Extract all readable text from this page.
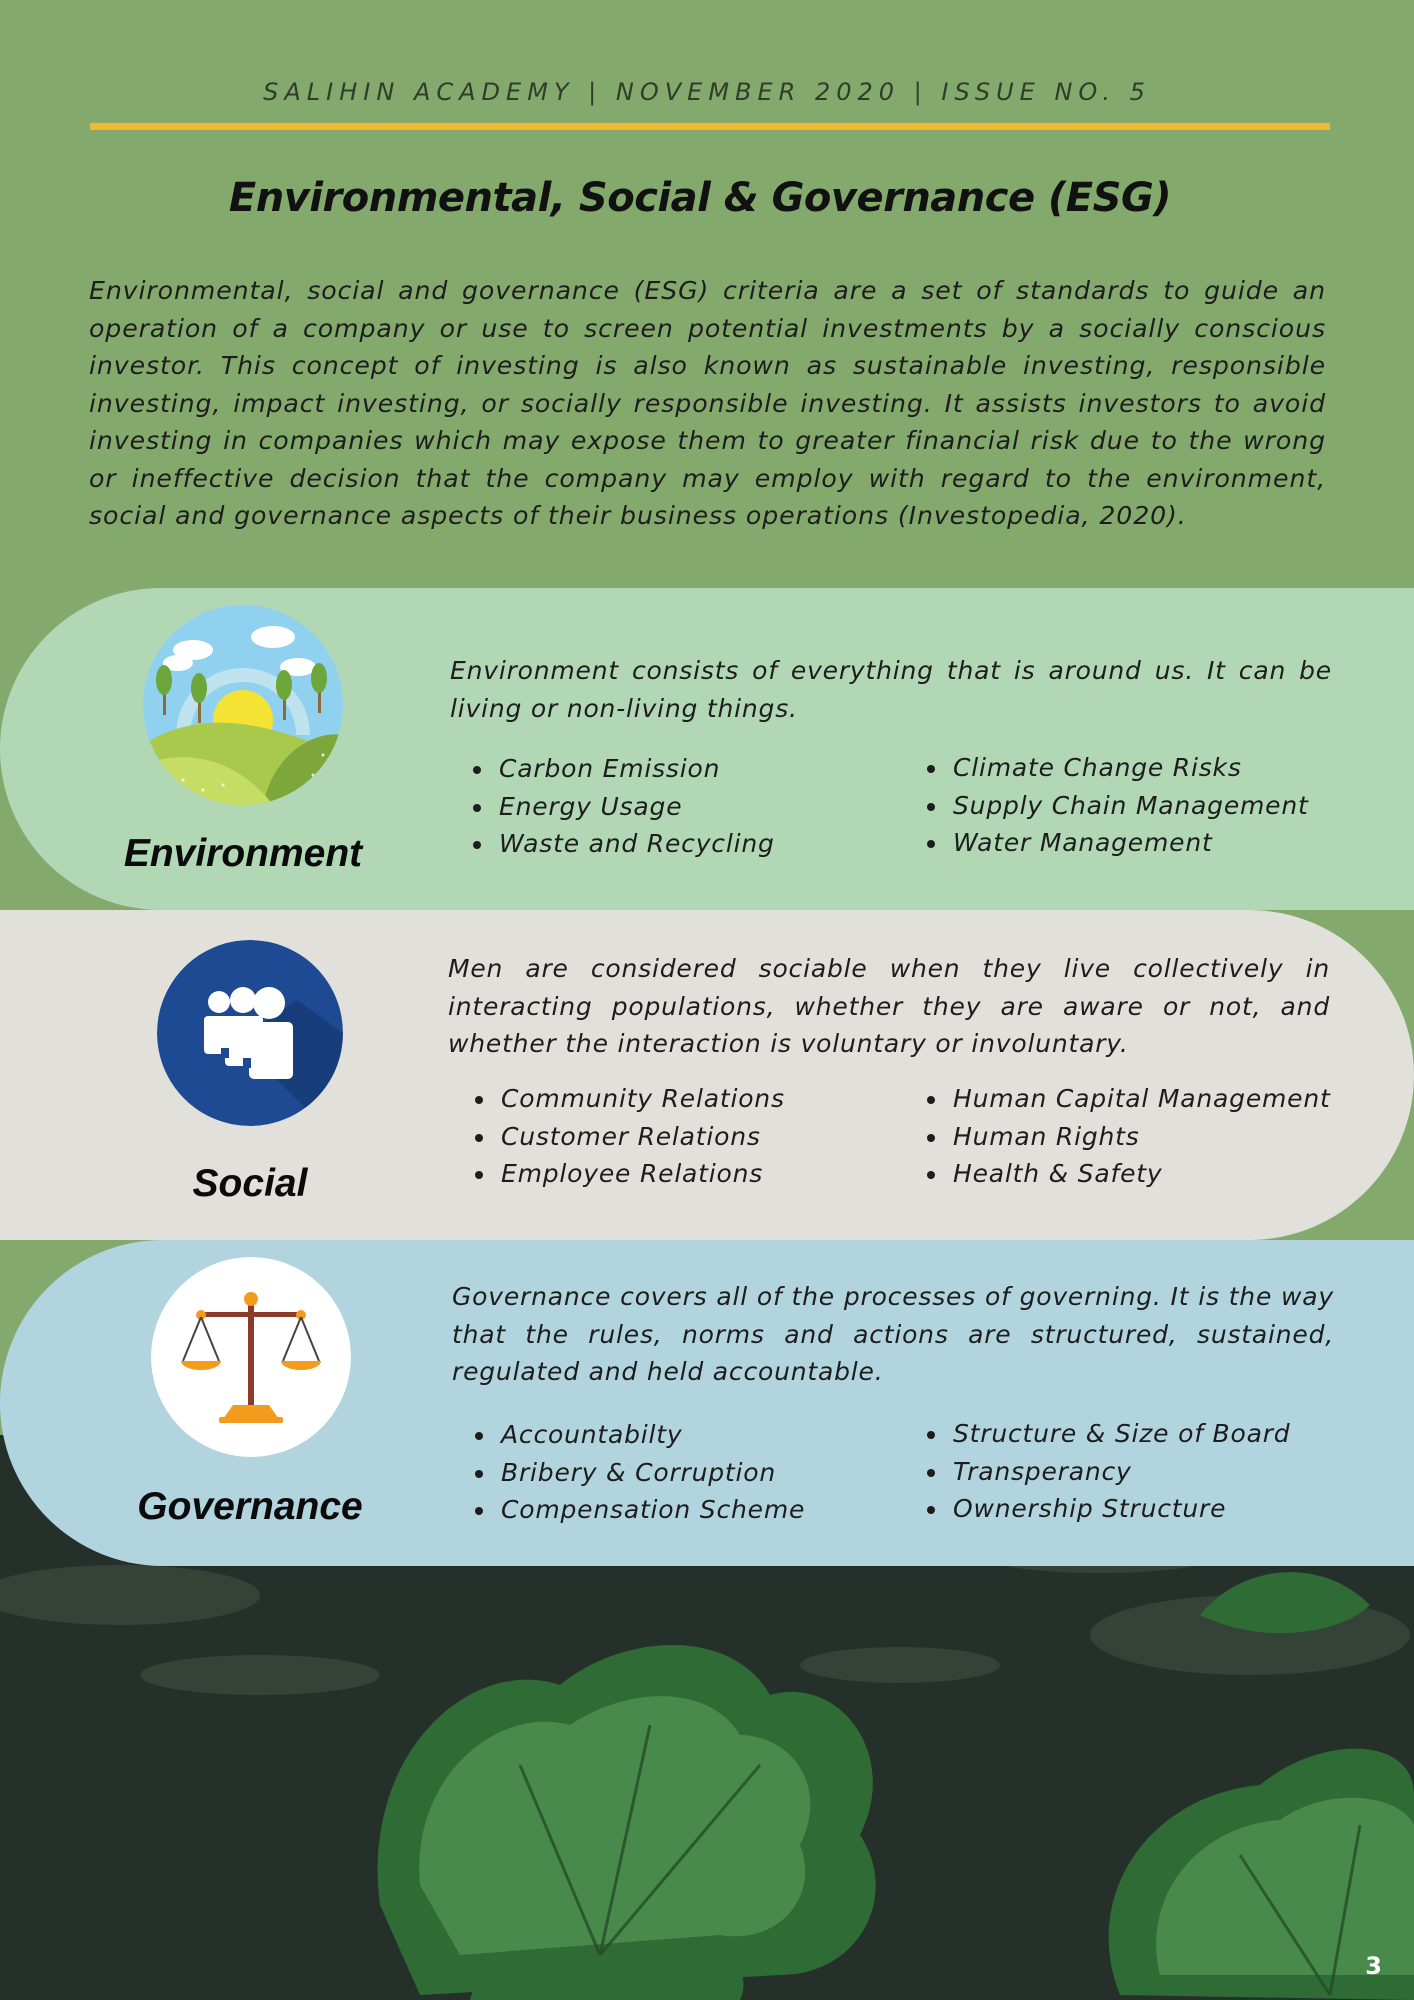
SALIHIN ACADEMY | NOVEMBER 2020 | ISSUE NO. 5
Environmental, Social & Governance (ESG)
Environmental, social and governance (ESG) criteria are a set of standards to guide an operation of a company or use to screen potential investments by a socially conscious investor. This concept of investing is also known as sustainable investing, responsible investing, impact investing, or socially responsible investing. It assists investors to avoid investing in companies which may expose them to greater financial risk due to the wrong or ineffective decision that the company may employ with regard to the environment, social and governance aspects of their business operations (Investopedia, 2020).
Environment
Environment consists of everything that is around us. It can be living or non-living things.
• Carbon Emission
• Energy Usage
• Waste and Recycling
• Climate Change Risks
• Supply Chain Management
• Water Management
Social
Men are considered sociable when they live collectively in interacting populations, whether they are aware or not, and whether the interaction is voluntary or involuntary.
• Community Relations
• Customer Relations
• Employee Relations
• Human Capital Management
• Human Rights
• Health & Safety
Governance
Governance covers all of the processes of governing. It is the way that the rules, norms and actions are structured, sustained, regulated and held accountable.
• Accountabilty
• Bribery & Corruption
• Compensation Scheme
• Structure & Size of Board
• Transperancy
• Ownership Structure
3
